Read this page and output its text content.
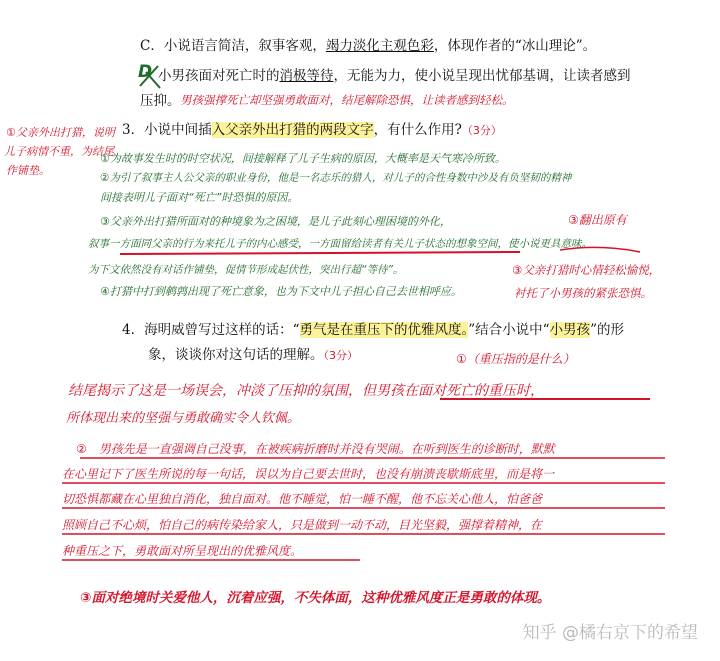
C．小说语言简洁，叙事客观，竭力淡化主观色彩，体现作者的“冰山理论”。
D 小男孩面对死亡时的消极等待，无能为力，使小说呈现出忧郁基调，让读者感到
压抑。 男孩强撑死亡却坚强勇敢面对，结尾解除恐惧，让读者感到轻松。
①父亲外出打猎，说明
儿子病情不重，为结尾
作铺垫。
3．小说中间插入父亲外出打猎的两段文字，有什么作用?（3分）
①为故事发生时的时空状况，间接解释了儿子生病的原因，大概率是天气寒冷所致。
②为引了叙事主人公父亲的职业身份，他是一名志乐的猎人，对儿子的合性身数中沙及有负坚韧的精神
间接表明儿子面对“死亡”时恐惧的原因。
③父亲外出打猎所面对的种境象为之困境，是儿子此刻心理困境的外化，	③翻出原有
叙事一方面同父亲的行为来托儿子的内心感受，一方面留给读者有关儿子状态的想象空间，使小说更具意味。
为下文依然没有对话作铺垫，促情节形成起伏性，突出行超“等待”。
④打猎中打到鹌鹑出现了死亡意象，也为下文中儿子担心自己去世相呼应。
③父亲打猎时心情轻松愉悦，
衬托了小男孩的紧张恐惧。
4．海明威曾写过这样的话：“勇气是在重压下的优雅风度。”结合小说中“小男孩”的形
象，谈谈你对这句话的理解。（3分）	①（重压指的是什么）
结尾揭示了这是一场误会，冲淡了压抑的氛围，但男孩在面对死亡的重压时，
所体现出来的坚强与勇敢确实令人钦佩。
②　男孩先是一直强调自己没事，在被疾病折磨时并没有哭闹。在听到医生的诊断时，默默
在心里记下了医生所说的每一句话，误以为自己要去世时，也没有崩溃丧歇斯底里，而是将一
切恐惧都藏在心里独自消化，独自面对。他不睡觉，怕一睡不醒，他不忘关心他人，怕爸爸
照顾自己不心烦，怕自己的病传染给家人，只是做到一动不动，目光坚毅，强撑着精神，在
种重压之下，勇敢面对所呈现出的优雅风度。
③面对绝境时关爱他人，沉着应强，不失体面，这种优雅风度正是勇敢的体现。
知乎 @橘右京下的希望
